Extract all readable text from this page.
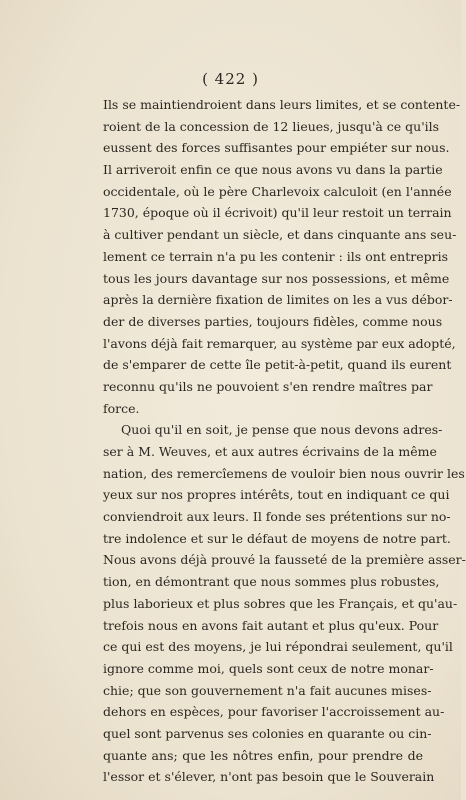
( 422 )
Ils se maintiendroient dans leurs limites, et se contente-
roient de la concession de 12 lieues, jusqu'à ce qu'ils
eussent des forces suffisantes pour empiéter sur nous.
Il arriveroit enfin ce que nous avons vu dans la partie
occidentale, où le père Charlevoix calculoit (en l'année
1730, époque où il écrivoit) qu'il leur restoit un terrain
à cultiver pendant un siècle, et dans cinquante ans seu-
lement ce terrain n'a pu les contenir : ils ont entrepris
tous les jours davantage sur nos possessions, et même
après la dernière fixation de limites on les a vus débor-
der de diverses parties, toujours fidèles, comme nous
l'avons déjà fait remarquer, au système par eux adopté,
de s'emparer de cette île petit-à-petit, quand ils eurent
reconnu qu'ils ne pouvoient s'en rendre maîtres par
force.
Quoi qu'il en soit, je pense que nous devons adres-
ser à M. Weuves, et aux autres écrivains de la même
nation, des remercîemens de vouloir bien nous ouvrir les
yeux sur nos propres intérêts, tout en indiquant ce qui
conviendroit aux leurs. Il fonde ses prétentions sur no-
tre indolence et sur le défaut de moyens de notre part.
Nous avons déjà prouvé la fausseté de la première asser-
tion, en démontrant que nous sommes plus robustes,
plus laborieux et plus sobres que les Français, et qu'au-
trefois nous en avons fait autant et plus qu'eux. Pour
ce qui est des moyens, je lui répondrai seulement, qu'il
ignore comme moi, quels sont ceux de notre monar-
chie; que son gouvernement n'a fait aucunes mises-
dehors en espèces, pour favoriser l'accroissement au-
quel sont parvenus ses colonies en quarante ou cin-
quante ans; que les nôtres enfin, pour prendre de
l'essor et s'élever, n'ont pas besoin que le Souverain
